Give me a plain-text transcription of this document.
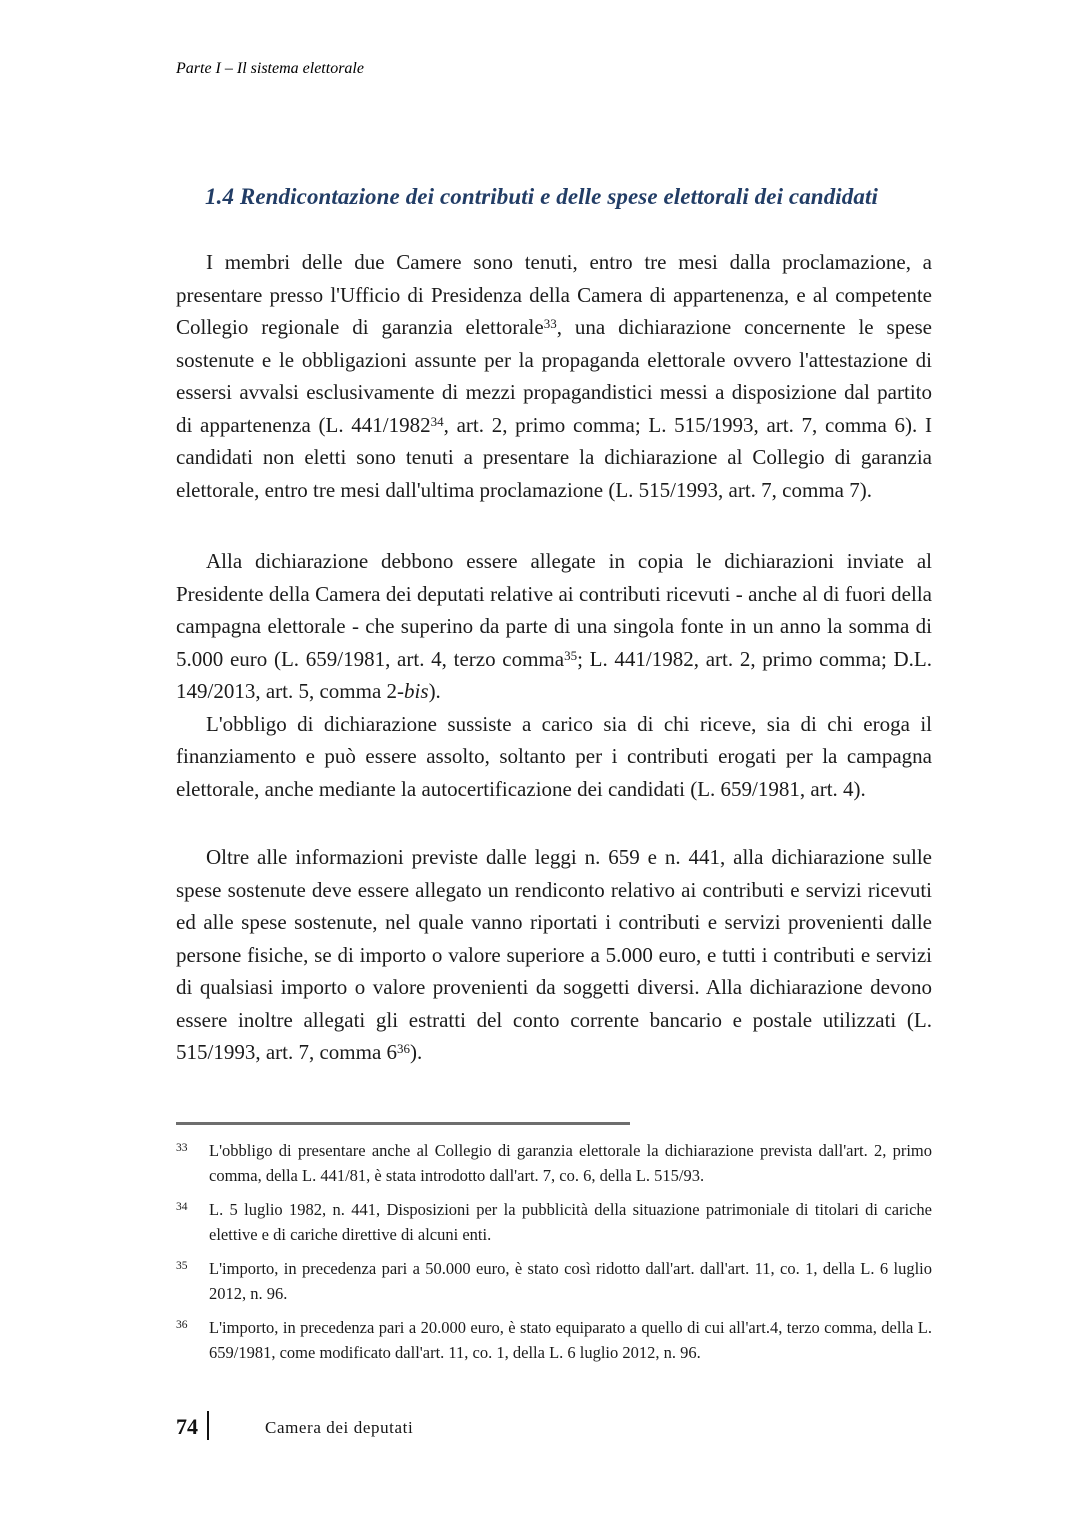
Parte I – Il sistema elettorale
1.4 Rendicontazione dei contributi e delle spese elettorali dei candidati

I membri delle due Camere sono tenuti, entro tre mesi dalla proclamazione, a presentare presso l'Ufficio di Presidenza della Camera di appartenenza, e al competente Collegio regionale di garanzia elettorale$^{33}$, una dichiarazione concernente le spese sostenute e le obbligazioni assunte per la propaganda elettorale ovvero l'attestazione di essersi avvalsi esclusivamente di mezzi propagandistici messi a disposizione dal partito di appartenenza (L. 441/1982$^{34}$, art. 2, primo comma; L. 515/1993, art. 7, comma 6). I candidati non eletti sono tenuti a presentare la dichiarazione al Collegio di garanzia elettorale, entro tre mesi dall'ultima proclamazione (L. 515/1993, art. 7, comma 7).

Alla dichiarazione debbono essere allegate in copia le dichiarazioni inviate al Presidente della Camera dei deputati relative ai contributi ricevuti - anche al di fuori della campagna elettorale - che superino da parte di una singola fonte in un anno la somma di 5.000 euro (L. 659/1981, art. 4, terzo comma$^{35}$; L. 441/1982, art. 2, primo comma; D.L. 149/2013, art. 5, comma 2-bis).

L'obbligo di dichiarazione sussiste a carico sia di chi riceve, sia di chi eroga il finanziamento e può essere assolto, soltanto per i contributi erogati per la campagna elettorale, anche mediante la autocertificazione dei candidati (L. 659/1981, art. 4).

Oltre alle informazioni previste dalle leggi n. 659 e n. 441, alla dichiarazione sulle spese sostenute deve essere allegato un rendiconto relativo ai contributi e servizi ricevuti ed alle spese sostenute, nel quale vanno riportati i contributi e servizi provenienti dalle persone fisiche, se di importo o valore superiore a 5.000 euro, e tutti i contributi e servizi di qualsiasi importo o valore provenienti da soggetti diversi. Alla dichiarazione devono essere inoltre allegati gli estratti del conto corrente bancario e postale utilizzati (L. 515/1993, art. 7, comma $6^{36}$).

33 L'obbligo di presentare anche al Collegio di garanzia elettorale la dichiarazione prevista dall'art. 2, primo comma, della L. 441/81, è stata introdotto dall'art. 7, co. 6, della L. 515/93.
34 L. 5 luglio 1982, n. 441, Disposizioni per la pubblicità della situazione patrimoniale di titolari di cariche elettive e di cariche direttive di alcuni enti.
35 L'importo, in precedenza pari a 50.000 euro, è stato così ridotto dall'art. dall'art. 11, co. 1, della L. 6 luglio 2012, n. 96.
36 L'importo, in precedenza pari a 20.000 euro, è stato equiparato a quello di cui all'art.4, terzo comma, della L. 659/1981, come modificato dall'art. 11, co. 1, della L. 6 luglio 2012, n. 96.
74	Camera dei deputati
